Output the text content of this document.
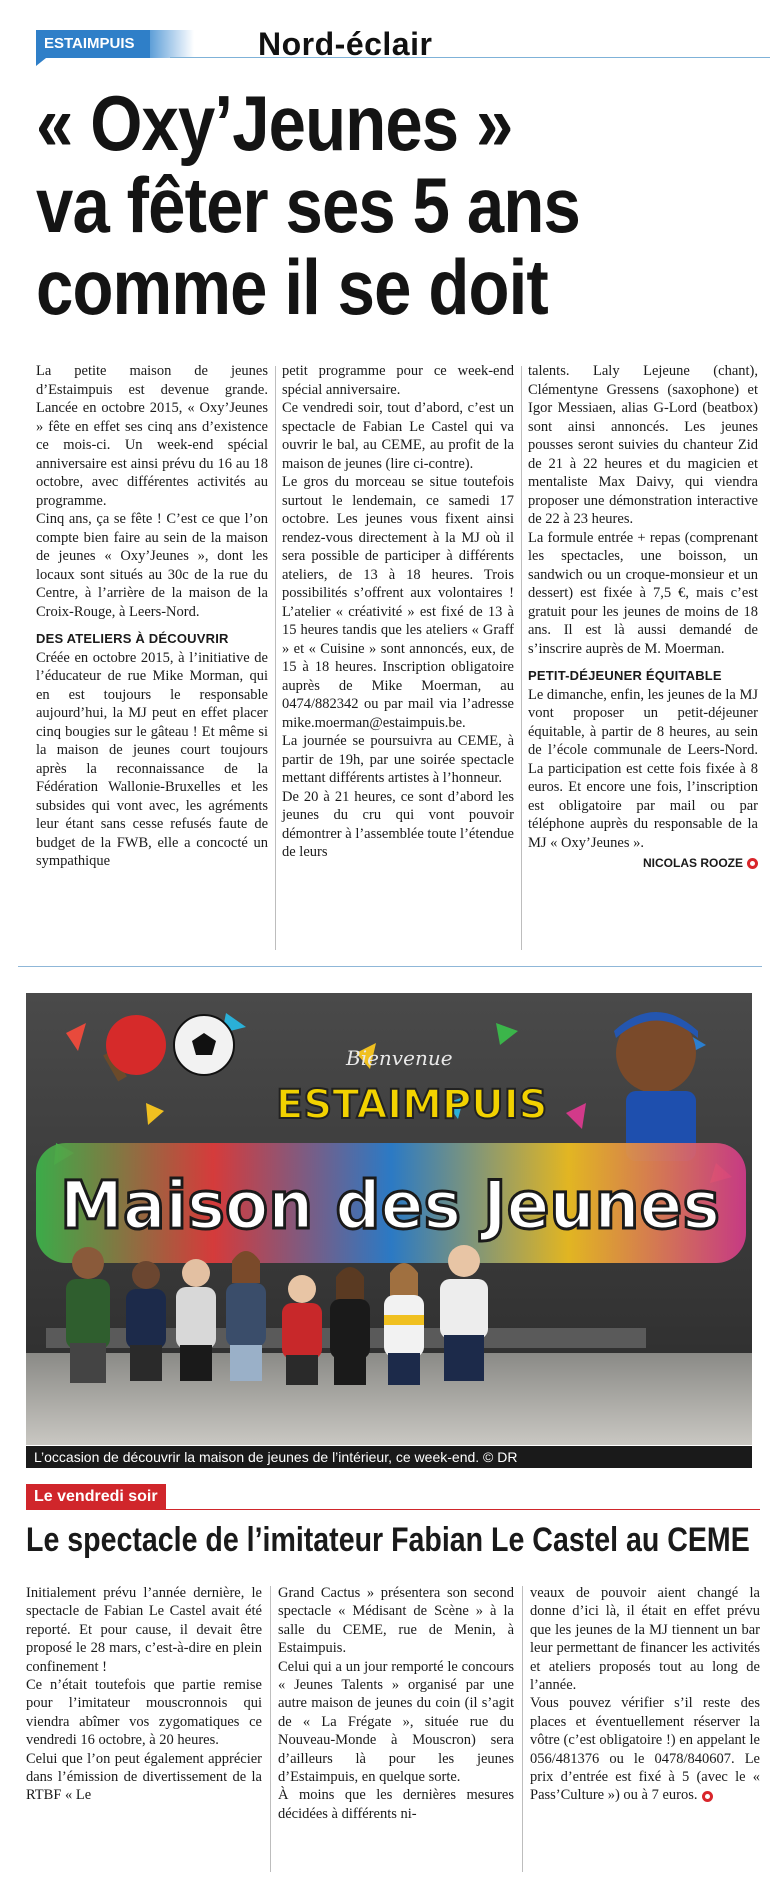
ESTAIMPUIS	Nord-éclair
« Oxy’Jeunes »
va fêter ses 5 ans
comme il se doit

La petite maison de jeunes d’Estaimpuis est devenue grande. Lancée en octobre 2015, « Oxy’Jeunes » fête en effet ses cinq ans d’existence ce mois-ci. Un week-end spécial anniversaire est ainsi prévu du 16 au 18 octobre, avec différentes activités au programme.

Cinq ans, ça se fête ! C’est ce que l’on compte bien faire au sein de la maison de jeunes « Oxy’Jeunes », dont les locaux sont situés au 30c de la rue du Centre, à l’arrière de la maison de la Croix-Rouge, à Leers-Nord.

DES ATELIERS À DÉCOUVRIR

Créée en octobre 2015, à l’initiative de l’éducateur de rue Mike Morman, qui en est toujours le responsable aujourd’hui, la MJ peut en effet placer cinq bougies sur le gâteau ! Et même si la maison de jeunes court toujours après la reconnaissance de la Fédération Wallonie-Bruxelles et les subsides qui vont avec, les agréments leur étant sans cesse refusés faute de budget de la FWB, elle a concocté un sympathique

petit programme pour ce week-end spécial anniversaire.

Ce vendredi soir, tout d’abord, c’est un spectacle de Fabian Le Castel qui va ouvrir le bal, au CEME, au profit de la maison de jeunes (lire ci-contre).

Le gros du morceau se situe toutefois surtout le lendemain, ce samedi 17 octobre. Les jeunes vous fixent ainsi rendez-vous directement à la MJ où il sera possible de participer à différents ateliers, de 13 à 18 heures. Trois possibilités s’offrent aux volontaires ! L’atelier « créativité » est fixé de 13 à 15 heures tandis que les ateliers « Graff » et « Cuisine » sont annoncés, eux, de 15 à 18 heures. Inscription obligatoire auprès de Mike Moerman, au 0474/882342 ou par mail via l’adresse mike.moerman@estaimpuis.be.

La journée se poursuivra au CEME, à partir de 19h, par une soirée spectacle mettant différents artistes à l’honneur.

De 20 à 21 heures, ce sont d’abord les jeunes du cru qui vont pouvoir démontrer à l’assemblée toute l’étendue de leurs

talents. Laly Lejeune (chant), Clémentyne Gressens (saxophone) et Igor Messiaen, alias G-Lord (beatbox) sont ainsi annoncés. Les jeunes pousses seront suivies du chanteur Zid de 21 à 22 heures et du magicien et mentaliste Max Daivy, qui viendra proposer une démonstration interactive de 22 à 23 heures.

La formule entrée + repas (comprenant les spectacles, une boisson, un sandwich ou un croque-monsieur et un dessert) est fixée à 7,5 €, mais c’est gratuit pour les jeunes de moins de 18 ans. Il est là aussi demandé de s’inscrire auprès de M. Moerman.

PETIT-DÉJEUNER ÉQUITABLE

Le dimanche, enfin, les jeunes de la MJ vont proposer un petit-déjeuner équitable, à partir de 8 heures, au sein de l’école communale de Leers-Nord. La participation est cette fois fixée à 8 euros. Et encore une fois, l’inscription est obligatoire par mail ou par téléphone auprès du responsable de la MJ « Oxy’Jeunes ».

NICOLAS ROOZE
Bienvenue
ESTAIMPUIS
Maison des Jeunes
L’occasion de découvrir la maison de jeunes de l’intérieur, ce week-end. © DR
Le vendredi soir
Le spectacle de l’imitateur Fabian Le Castel au CEME

Initialement prévu l’année dernière, le spectacle de Fabian Le Castel avait été reporté. Et pour cause, il devait être proposé le 28 mars, c’est-à-dire en plein confinement !

Ce n’était toutefois que partie remise pour l’imitateur mouscronnois qui viendra abîmer vos zygomatiques ce vendredi 16 octobre, à 20 heures.

Celui que l’on peut également apprécier dans l’émission de divertissement de la RTBF « Le

Grand Cactus » présentera son second spectacle « Médisant de Scène » à la salle du CEME, rue de Menin, à Estaimpuis.

Celui qui a un jour remporté le concours « Jeunes Talents » organisé par une autre maison de jeunes du coin (il s’agit de « La Frégate », située rue du Nouveau-Monde à Mouscron) sera d’ailleurs là pour les jeunes d’Estaimpuis, en quelque sorte.

À moins que les dernières mesures décidées à différents ni-

veaux de pouvoir aient changé la donne d’ici là, il était en effet prévu que les jeunes de la MJ tiennent un bar leur permettant de financer les activités et ateliers proposés tout au long de l’année.

Vous pouvez vérifier s’il reste des places et éventuellement réserver la vôtre (c’est obligatoire !) en appelant le 056/481376 ou le 0478/840607. Le prix d’entrée est fixé à 5 (avec le « Pass’Culture ») ou à 7 euros.
